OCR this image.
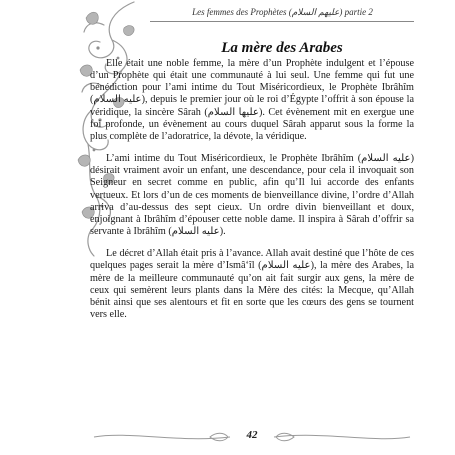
Les femmes des Prophètes (عليهم السلام) partie 2
La mère des Arabes

Elle était une noble femme, la mère d’un Prophète indulgent et l’épouse d’un Prophète qui était une communauté à lui seul. Une femme qui fut une bénédiction pour l’ami intime du Tout Miséricordieux, le Prophète Ibrâhîm (عليه السلام), depuis le premier jour où le roi d’Égypte l’offrit à son épouse la véridique, la sincère Sârah (عليها السلام). Cet évènement mit en exergue une foi profonde, un évènement au cours duquel Sârah apparut sous la forme la plus complète de l’adoratrice, la dévote, la véridique.

L’ami intime du Tout Miséricordieux, le Prophète Ibrâhîm (عليه السلام) désirait vraiment avoir un enfant, une descendance, pour cela il invoquait son Seigneur en secret comme en public, afin qu’Il lui accorde des enfants vertueux. Et lors d’un de ces moments de bienveillance divine, l’ordre d’Allah arriva d’au-dessus des sept cieux. Un ordre divin bienveillant et doux, enjoignant à Ibrâhîm d’épouser cette noble dame. Il inspira à Sârah d’offrir sa servante à Ibrâhîm (عليه السلام).

Le décret d’Allah était pris à l’avance. Allah avait destiné que l’hôte de ces quelques pages serait la mère d’Ismâ‘îl (عليه السلام), la mère des Arabes, la mère de la meilleure communauté qu’on ait fait surgir aux gens, la mère de ceux qui semèrent leurs plants dans la Mère des cités: la Mecque, qu’Allah bénit ainsi que ses alentours et fit en sorte que les cœurs des gens se tournent vers elle.

42
